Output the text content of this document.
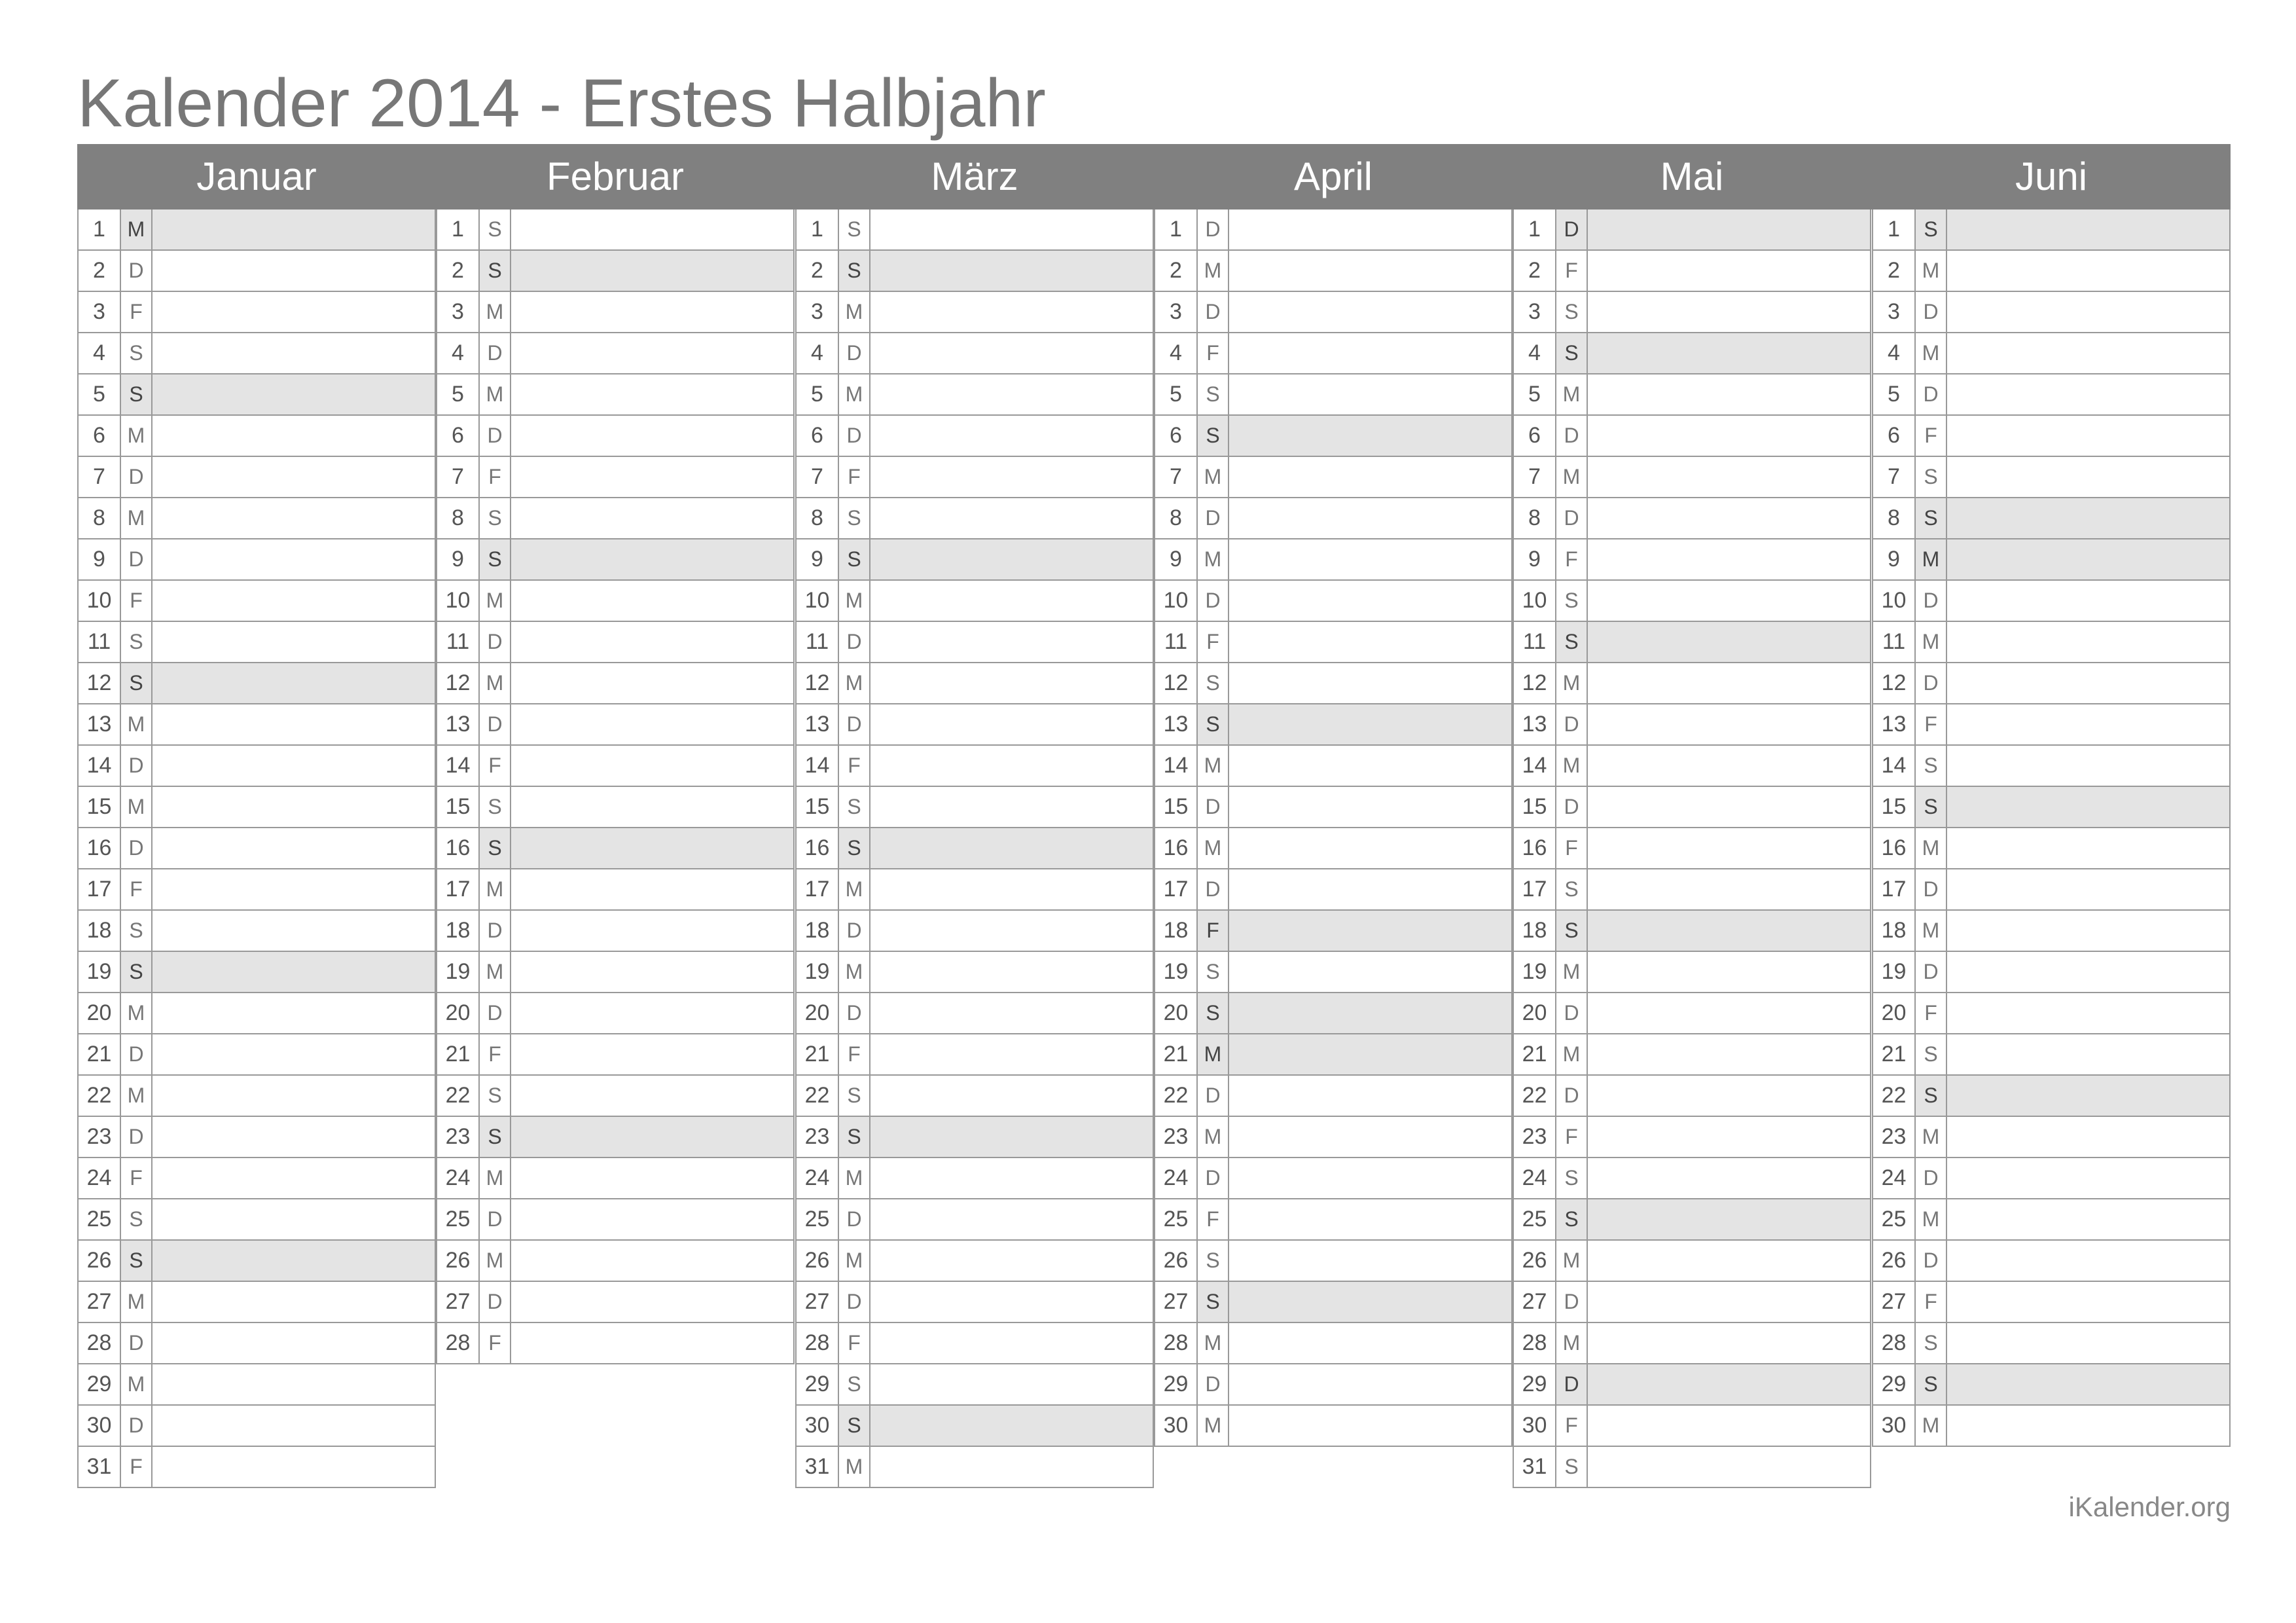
Kalender 2014 - Erstes Halbjahr
Januar	Februar	März	April	Mai	Juni
1	M
2	D
3	F
4	S
5	S
6	M
7	D
8	M
9	D
10 F
11 S
12 S
13 M
14 D
15 M
16 D
17 F
18 S
19 S
20 M
21 D
22 M
23 D
24 F
25 S
26 S
27 M
28 D
29 M
30 D
31 F
1	S
2	S
3	M
4	D
5	M
6	D
7	F
8	S
9	S
10 M
11 D
12 M
13 D
14 F
15 S
16 S
17 M
18 D
19 M
20 D
21 F
22 S
23 S
24 M
25 D
26 M
27 D
28 F
1	S
2	S
3	M
4	D
5	M
6	D
7	F
8	S
9	S
10 M
11 D
12 M
13 D
14 F
15 S
16 S
17 M
18 D
19 M
20 D
21 F
22 S
23 S
24 M
25 D
26 M
27 D
28 F
29 S
30 S
31 M
1	D
2	M
3	D
4	F
5	S
6	S
7	M
8	D
9	M
10 D
11 F
12 S
13 S
14 M
15 D
16 M
17 D
18 F
19 S
20 S
21 M
22 D
23 M
24 D
25 F
26 S
27 S
28 M
29 D
30 M
1	D
2	F
3	S
4	S
5	M
6	D
7	M
8	D
9	F
10 S
11 S
12 M
13 D
14 M
15 D
16 F
17 S
18 S
19 M
20 D
21 M
22 D
23 F
24 S
25 S
26 M
27 D
28 M
29 D
30 F
31 S
1	S
2	M
3	D
4	M
5	D
6	F
7	S
8	S
9	M
10 D
11 M
12 D
13 F
14 S
15 S
16 M
17 D
18 M
19 D
20 F
21 S
22 S
23 M
24 D
25 M
26 D
27 F
28 S
29 S
30 M
iKalender.org
